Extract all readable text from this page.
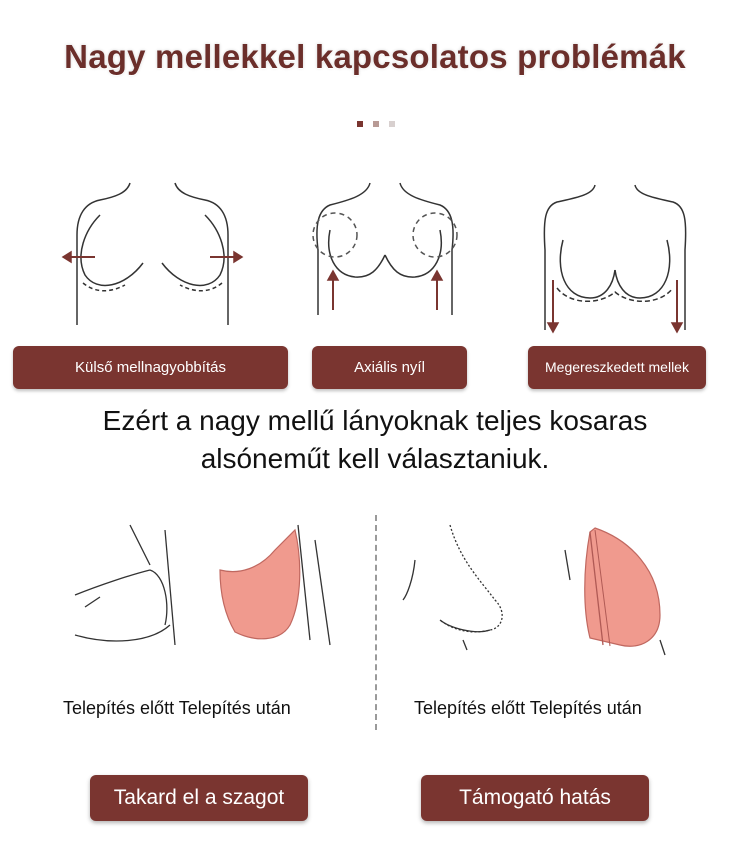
Nagy mellekkel kapcsolatos problémák
Külső mellnagyobbítás	Axiális nyíl	Megereszkedett mellek
Ezért a nagy mellű lányoknak teljes kosaras
alsóneműt kell választaniuk.
Telepítés előtt Telepítés után	Telepítés előtt Telepítés után
Takard el a szagot	Támogató hatás
